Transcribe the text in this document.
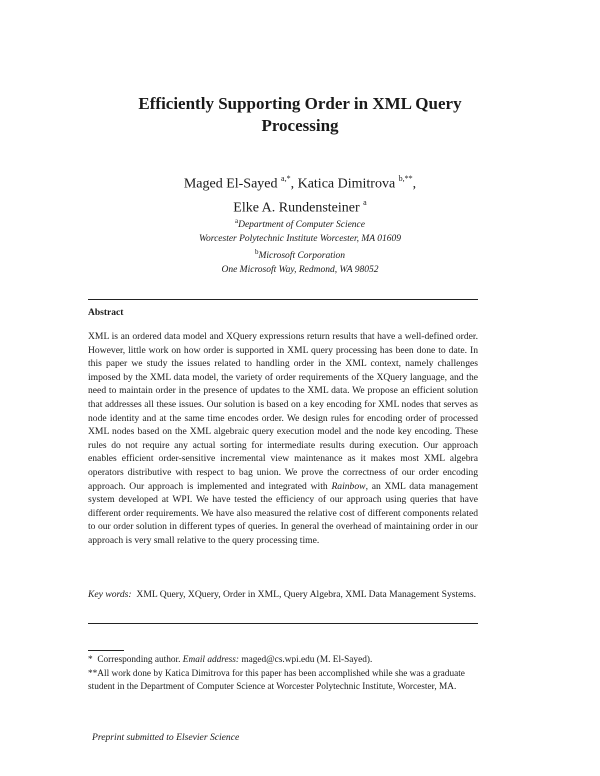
Efficiently Supporting Order in XML Query
Processing
Maged El-Sayed $^{a,*}$, Katica Dimitrova $^{b,**}$,
Elke A. Rundensteiner $^a$
$^a$Department of Computer Science
Worcester Polytechnic Institute Worcester, MA 01609
$^b$Microsoft Corporation
One Microsoft Way, Redmond, WA 98052
Abstract
XML is an ordered data model and XQuery expressions return results that have a well-defined order. However, little work on how order is supported in XML query processing has been done to date. In this paper we study the issues related to handling order in the XML context, namely challenges imposed by the XML data model, the variety of order requirements of the XQuery language, and the need to maintain order in the presence of updates to the XML data. We propose an efficient solution that addresses all these issues. Our solution is based on a key encoding for XML nodes that serves as node identity and at the same time encodes order. We design rules for encoding order of processed XML nodes based on the XML algebraic query execution model and the node key encoding. These rules do not require any actual sorting for intermediate results during execution. Our approach enables efficient order-sensitive incremental view maintenance as it makes most XML algebra operators distributive with respect to bag union. We prove the correctness of our order encoding approach. Our approach is implemented and integrated with Rainbow, an XML data management system developed at WPI. We have tested the efficiency of our approach using queries that have different order requirements. We have also measured the relative cost of different components related to our order solution in different types of queries. In general the overhead of maintaining order in our approach is very small relative to the query processing time.
Key words: XML Query, XQuery, Order in XML, Query Algebra, XML Data Management Systems.
* Corresponding author. Email address: maged@cs.wpi.edu (M. El-Sayed).
**All work done by Katica Dimitrova for this paper has been accomplished while she was a graduate student in the Department of Computer Science at Worcester Polytechnic Institute, Worcester, MA.
Preprint submitted to Elsevier Science
